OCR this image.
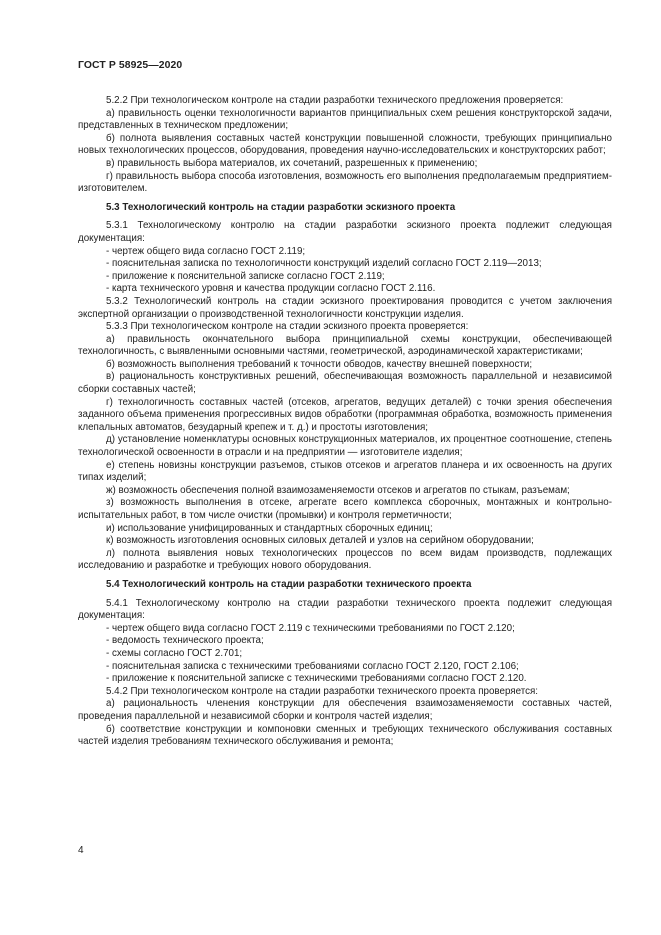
ГОСТ Р 58925—2020

5.2.2 При технологическом контроле на стадии разработки технического предложения проверяется:

а) правильность оценки технологичности вариантов принципиальных схем решения конструкторской задачи, представленных в техническом предложении;

б) полнота выявления составных частей конструкции повышенной сложности, требующих принципиально новых технологических процессов, оборудования, проведения научно-исследовательских и конструкторских работ;

в) правильность выбора материалов, их сочетаний, разрешенных к применению;

г) правильность выбора способа изготовления, возможность его выполнения предполагаемым предприятием-изготовителем.

5.3 Технологический контроль на стадии разработки эскизного проекта

5.3.1 Технологическому контролю на стадии разработки эскизного проекта подлежит следующая документация:

- чертеж общего вида согласно ГОСТ 2.119;

- пояснительная записка по технологичности конструкций изделий согласно ГОСТ 2.119—2013;

- приложение к пояснительной записке согласно ГОСТ 2.119;

- карта технического уровня и качества продукции согласно ГОСТ 2.116.

5.3.2 Технологический контроль на стадии эскизного проектирования проводится с учетом заключения экспертной организации о производственной технологичности конструкции изделия.

5.3.3 При технологическом контроле на стадии эскизного проекта проверяется:

а) правильность окончательного выбора принципиальной схемы конструкции, обеспечивающей технологичность, с выявленными основными частями, геометрической, аэродинамической характеристиками;

б) возможность выполнения требований к точности обводов, качеству внешней поверхности;

в) рациональность конструктивных решений, обеспечивающая возможность параллельной и независимой сборки составных частей;

г) технологичность составных частей (отсеков, агрегатов, ведущих деталей) с точки зрения обеспечения заданного объема применения прогрессивных видов обработки (программная обработка, возможность применения клепальных автоматов, безударный крепеж и т. д.) и простоты изготовления;

д) установление номенклатуры основных конструкционных материалов, их процентное соотношение, степень технологической освоенности в отрасли и на предприятии — изготовителе изделия;

е) степень новизны конструкции разъемов, стыков отсеков и агрегатов планера и их освоенность на других типах изделий;

ж) возможность обеспечения полной взаимозаменяемости отсеков и агрегатов по стыкам, разъемам;

з) возможность выполнения в отсеке, агрегате всего комплекса сборочных, монтажных и контрольно-испытательных работ, в том числе очистки (промывки) и контроля герметичности;

и) использование унифицированных и стандартных сборочных единиц;

к) возможность изготовления основных силовых деталей и узлов на серийном оборудовании;

л) полнота выявления новых технологических процессов по всем видам производств, подлежащих исследованию и разработке и требующих нового оборудования.

5.4 Технологический контроль на стадии разработки технического проекта

5.4.1 Технологическому контролю на стадии разработки технического проекта подлежит следующая документация:

- чертеж общего вида согласно ГОСТ 2.119 с техническими требованиями по ГОСТ 2.120;

- ведомость технического проекта;

- схемы согласно ГОСТ 2.701;

- пояснительная записка с техническими требованиями согласно ГОСТ 2.120, ГОСТ 2.106;

- приложение к пояснительной записке с техническими требованиями согласно ГОСТ 2.120.

5.4.2 При технологическом контроле на стадии разработки технического проекта проверяется:

а) рациональность членения конструкции для обеспечения взаимозаменяемости составных частей, проведения параллельной и независимой сборки и контроля частей изделия;

б) соответствие конструкции и компоновки сменных и требующих технического обслуживания составных частей изделия требованиям технического обслуживания и ремонта;

4
